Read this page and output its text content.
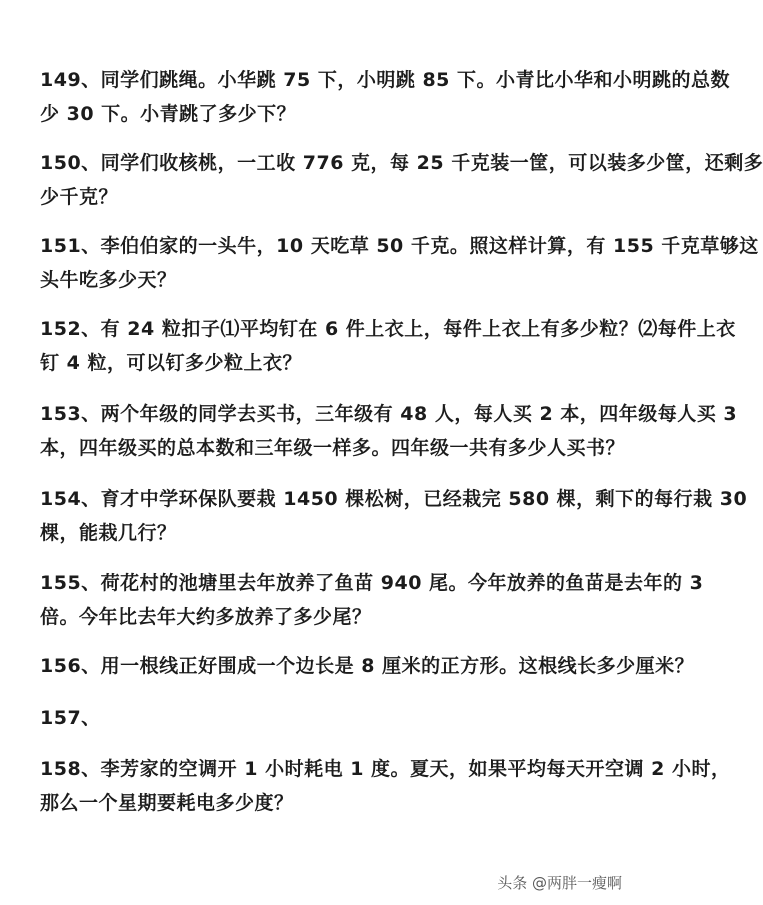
149、同学们跳绳。小华跳 75 下，小明跳 85 下。小青比小华和小明跳的总数
少 30 下。小青跳了多少下？
150、同学们收核桃，一工收 776 克，每 25 千克装一筐，可以装多少筐，还剩多
少千克？
151、李伯伯家的一头牛，10 天吃草 50 千克。照这样计算，有 155 千克草够这
头牛吃多少天？
152、有 24 粒扣子⑴平均钉在 6 件上衣上，每件上衣上有多少粒？⑵每件上衣
钉 4 粒，可以钉多少粒上衣？
153、两个年级的同学去买书，三年级有 48 人，每人买 2 本，四年级每人买 3
本，四年级买的总本数和三年级一样多。四年级一共有多少人买书？
154、育才中学环保队要栽 1450 棵松树，已经栽完 580 棵，剩下的每行栽 30
棵，能栽几行？
155、荷花村的池塘里去年放养了鱼苗 940 尾。今年放养的鱼苗是去年的 3
倍。今年比去年大约多放养了多少尾？
156、用一根线正好围成一个边长是 8 厘米的正方形。这根线长多少厘米？
157、
158、李芳家的空调开 1 小时耗电 1 度。夏天，如果平均每天开空调 2 小时，
那么一个星期要耗电多少度？
头条 @两胖一瘦啊
